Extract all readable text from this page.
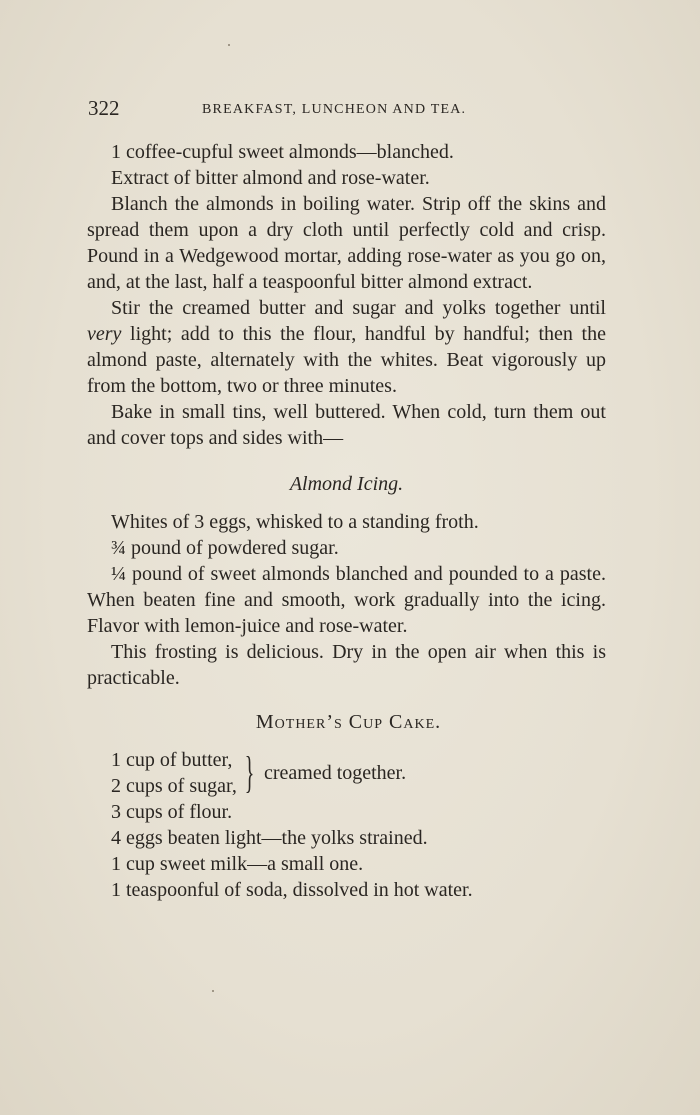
322	BREAKFAST, LUNCHEON AND TEA.

1 coffee-cupful sweet almonds—blanched.

Extract of bitter almond and rose-water.

Blanch the almonds in boiling water. Strip off the skins and spread them upon a dry cloth until perfectly cold and crisp. Pound in a Wedgewood mortar, adding rose-water as you go on, and, at the last, half a teaspoonful bitter almond extract.

Stir the creamed butter and sugar and yolks together until very light; add to this the flour, handful by handful; then the almond paste, alternately with the whites. Beat vigorously up from the bottom, two or three minutes.

Bake in small tins, well buttered. When cold, turn them out and cover tops and sides with—

Almond Icing.

Whites of 3 eggs, whisked to a standing froth.

¾ pound of powdered sugar.

¼ pound of sweet almonds blanched and pounded to a paste. When beaten fine and smooth, work gradually into the icing. Flavor with lemon-juice and rose-water.

This frosting is delicious. Dry in the open air when this is practicable.

Mother’s Cup Cake.

1 cup of butter,
2 cups of sugar, } creamed together.

3 cups of flour.

4 eggs beaten light—the yolks strained.

1 cup sweet milk—a small one.

1 teaspoonful of soda, dissolved in hot water.
